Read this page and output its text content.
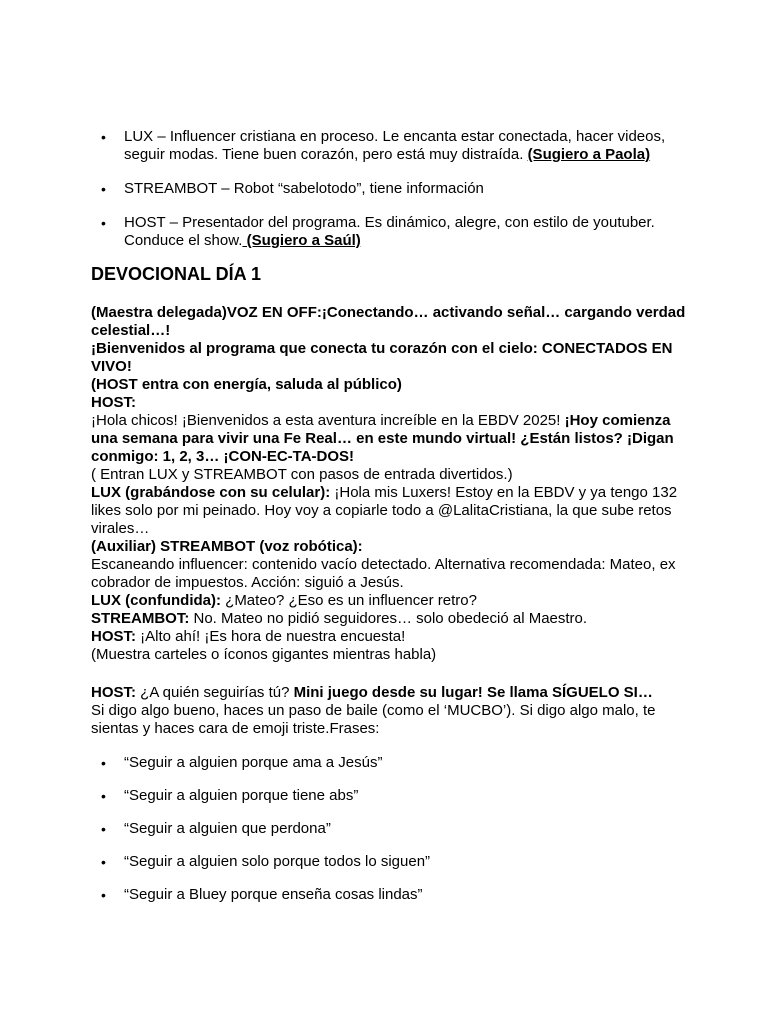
• LUX – Influencer cristiana en proceso. Le encanta estar conectada, hacer videos, seguir modas. Tiene buen corazón, pero está muy distraída. (Sugiero a Paola)
• STREAMBOT – Robot “sabelotodo”, tiene información
• HOST – Presentador del programa. Es dinámico, alegre, con estilo de youtuber. Conduce el show. (Sugiero a Saúl)
DEVOCIONAL DÍA 1

(Maestra delegada)VOZ EN OFF:¡Conectando… activando señal… cargando verdad celestial…!

¡Bienvenidos al programa que conecta tu corazón con el cielo: CONECTADOS EN VIVO!

(HOST entra con energía, saluda al público)

HOST:

¡Hola chicos! ¡Bienvenidos a esta aventura increíble en la EBDV 2025! ¡Hoy comienza una semana para vivir una Fe Real… en este mundo virtual! ¿Están listos? ¡Digan conmigo: 1, 2, 3… ¡CON-EC-TA-DOS!

( Entran LUX y STREAMBOT con pasos de entrada divertidos.)

LUX (grabándose con su celular): ¡Hola mis Luxers! Estoy en la EBDV y ya tengo 132 likes solo por mi peinado. Hoy voy a copiarle todo a @LalitaCristiana, la que sube retos virales…

(Auxiliar) STREAMBOT (voz robótica):

Escaneando influencer: contenido vacío detectado. Alternativa recomendada: Mateo, ex cobrador de impuestos. Acción: siguió a Jesús.

LUX (confundida): ¿Mateo? ¿Eso es un influencer retro?

STREAMBOT: No. Mateo no pidió seguidores… solo obedeció al Maestro.

HOST: ¡Alto ahí! ¡Es hora de nuestra encuesta!

(Muestra carteles o íconos gigantes mientras habla)

HOST: ¿A quién seguirías tú? Mini juego desde su lugar! Se llama SÍGUELO SI…

Si digo algo bueno, haces un paso de baile (como el ‘MUCBO’). Si digo algo malo, te sientas y haces cara de emoji triste.Frases:

• “Seguir a alguien porque ama a Jesús”
• “Seguir a alguien porque tiene abs”
• “Seguir a alguien que perdona”
• “Seguir a alguien solo porque todos lo siguen”
• “Seguir a Bluey porque enseña cosas lindas”
